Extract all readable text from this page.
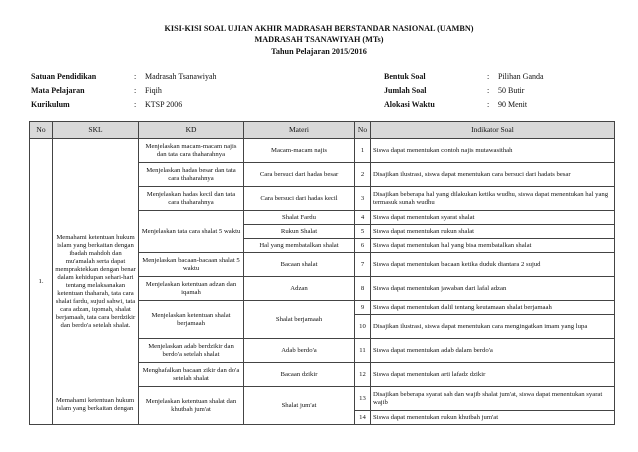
KISI-KISI SOAL UJIAN AKHIR MADRASAH BERSTANDAR NASIONAL (UAMBN)
MADRASAH TSANAWIYAH (MTs)
Tahun Pelajaran 2015/2016
Satuan Pendidikan	: Madrasah Tsanawiyah
Mata Pelajaran	: Fiqih
Kurikulum	: KTSP 2006
Bentuk Soal	: Pilihan Ganda
Jumlah Soal	: 50 Butir
Alokasi Waktu	: 90 Menit
No	SKL	KD	Materi	No	Indikator Soal
1.	Memahami ketentuan hukum islam yang berkaitan dengan ibadah mahdoh dan mu'amalah serta dapat mempraktekkan dengan benar dalam kehidupan sehari-hari tentang melaksanakan ketentuan thaharah, tata cara shalat fardu, sujud sahwi, tata cara adzan, iqomah, shalat berjamaah, tata cara berdzikir dan berdo'a setelah shalat.	Menjelaskan macam-macam najis dan tata cara thaharahnya	Macam-macam najis	1	Siswa dapat menentukan contoh najis mutawasithah
		Menjelaskan hadas besar dan tata cara thaharahnya	Cara bersuci dari hadas besar	2	Disajikan ilustrasi, siswa dapat menentukan cara bersuci dari hadats besar
		Menjelaskan hadas kecil dan tata cara thaharahnya	Cara bersuci dari hadas kecil	3	Disajikan beberapa hal yang dilakukan ketika wudhu, siswa dapat menentukan hal yang termasuk sunah wudhu
		Menjelaskan tata cara shalat 5 waktu	Shalat Fardu	4	Siswa dapat menentukan syarat shalat
			Rukun Shalat	5	Siswa dapat menentukan rukun shalat
			Hal yang membatalkan shalat	6	Siswa dapat menentukan hal yang bisa membatalkan shalat
		Menjelaskan bacaan-bacaan shalat 5 waktu	Bacaan shalat	7	Siswa dapat menentukan bacaan ketika duduk diantara 2 sujud
		Menjelaskan ketentuan adzan dan iqamah	Adzan	8	Siswa dapat menentukan jawaban dari lafal adzan
		Menjelaskan ketentuan shalat berjamaah	Shalat berjamaah	9	Siswa dapat menentukan dalil tentang keutamaan shalat berjamaah
				10	Disajikan ilustrasi, siswa dapat menentukan cara mengingatkan imam yang lupa
		Menjelaskan adab berdzikir dan berdo'a setelah shalat	Adab berdo'a	11	Siswa dapat menentukan adab dalam berdo'a
		Menghafalkan bacaan zikir dan do'a setelah shalat	Bacaan dzikir	12	Siswa dapat menentukan arti lafadz dzikir
		Menjelaskan ketentuan shalat dan khutbah jum'at	Shalat jum'at	13	Disajikan beberapa syarat sah dan wajib shalat jum'at, siswa dapat menentukan syarat wajib
				14	Siswa dapat menentukan rukun khutbah jum'at
Memahami ketentuan hukum islam yang berkaitan dengan
